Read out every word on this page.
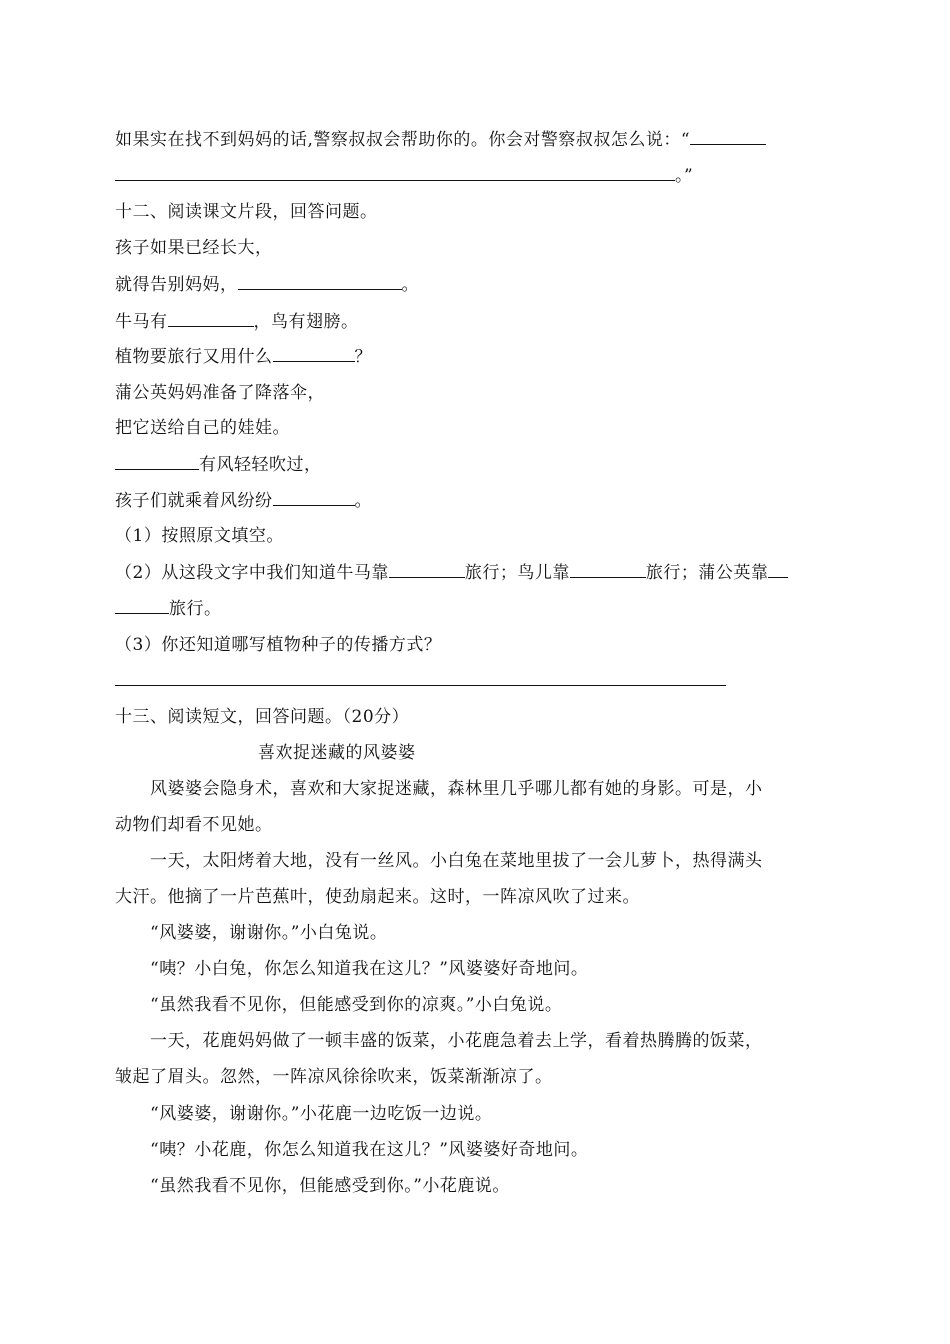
如果实在找不到妈妈的话,警察叔叔会帮助你的。你会对警察叔叔怎么说：“
。”
十二、阅读课文片段，回答问题。
孩子如果已经长大，
就得告别妈妈，	。
牛马有	，鸟有翅膀。
植物要旅行又用什么	？
蒲公英妈妈准备了降落伞，
把它送给自己的娃娃。
有风轻轻吹过，
孩子们就乘着风纷纷	。
（1）按照原文填空。
（2）从这段文字中我们知道牛马靠	旅行；鸟儿靠	旅行；蒲公英靠
旅行。
（3）你还知道哪写植物种子的传播方式？
十三、阅读短文，回答问题。（20分）
喜欢捉迷藏的风婆婆
风婆婆会隐身术，喜欢和大家捉迷藏，森林里几乎哪儿都有她的身影。可是，小
动物们却看不见她。
一天，太阳烤着大地，没有一丝风。小白兔在菜地里拔了一会儿萝卜，热得满头
大汗。他摘了一片芭蕉叶，使劲扇起来。这时，一阵凉风吹了过来。
“风婆婆，谢谢你。”小白兔说。
“咦？小白兔，你怎么知道我在这儿？”风婆婆好奇地问。
“虽然我看不见你，但能感受到你的凉爽。”小白兔说。
一天，花鹿妈妈做了一顿丰盛的饭菜，小花鹿急着去上学，看着热腾腾的饭菜，
皱起了眉头。忽然，一阵凉风徐徐吹来，饭菜渐渐凉了。
“风婆婆，谢谢你。”小花鹿一边吃饭一边说。
“咦？小花鹿，你怎么知道我在这儿？”风婆婆好奇地问。
“虽然我看不见你，但能感受到你。”小花鹿说。
